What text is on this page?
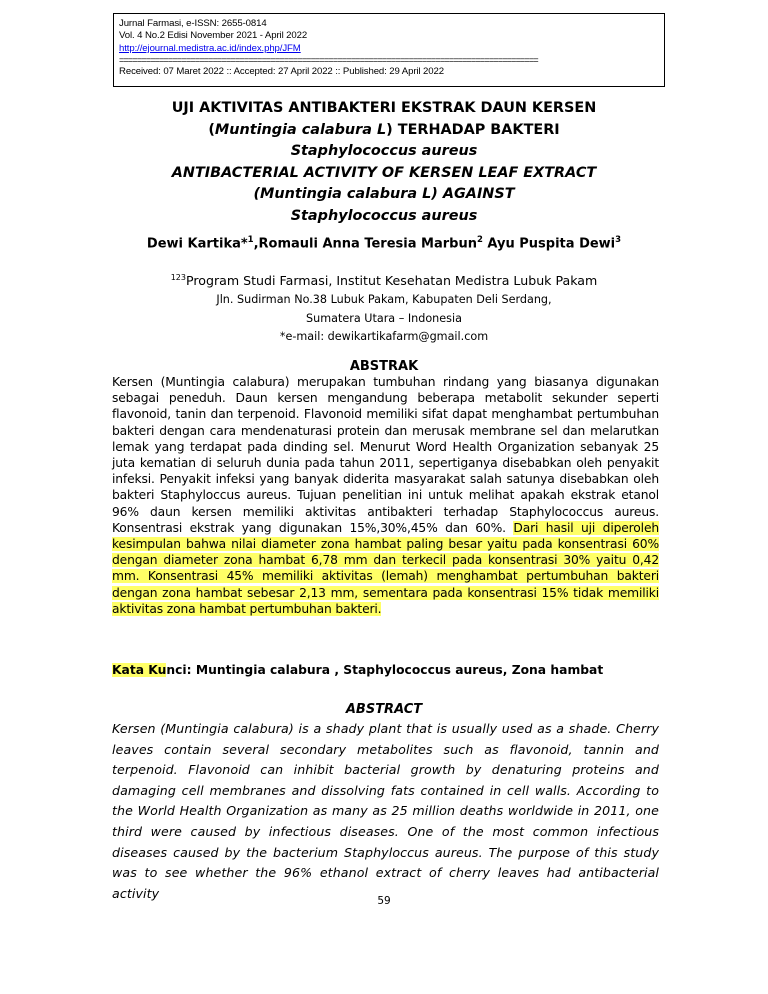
Jurnal Farmasi, e-ISSN: 2655-0814
Vol. 4 No.2 Edisi November 2021 - April 2022
http://ejournal.medistra.ac.id/index.php/JFM
==============================================================================================
Received: 07 Maret 2022 :: Accepted: 27 April 2022 :: Published: 29 April 2022
UJI AKTIVITAS ANTIBAKTERI EKSTRAK DAUN KERSEN
(Muntingia calabura L) TERHADAP BAKTERI
Staphylococcus aureus
ANTIBACTERIAL ACTIVITY OF KERSEN LEAF EXTRACT
(Muntingia calabura L) AGAINST
Staphylococcus aureus
Dewi Kartika*$^1$,Romauli Anna Teresia Marbun$^2$ Ayu Puspita Dewi$^3$
$^{123}$Program Studi Farmasi, Institut Kesehatan Medistra Lubuk Pakam
Jln. Sudirman No.38 Lubuk Pakam, Kabupaten Deli Serdang,
Sumatera Utara – Indonesia
*e-mail: dewikartikafarm@gmail.com
ABSTRAK
Kersen (Muntingia calabura) merupakan tumbuhan rindang yang biasanya digunakan sebagai peneduh. Daun kersen mengandung beberapa metabolit sekunder seperti flavonoid, tanin dan terpenoid. Flavonoid memiliki sifat dapat menghambat pertumbuhan bakteri dengan cara mendenaturasi protein dan merusak membrane sel dan melarutkan lemak yang terdapat pada dinding sel. Menurut Word Health Organization sebanyak 25 juta kematian di seluruh dunia pada tahun 2011, sepertiganya disebabkan oleh penyakit infeksi. Penyakit infeksi yang banyak diderita masyarakat salah satunya disebabkan oleh bakteri Staphyloccus aureus. Tujuan penelitian ini untuk melihat apakah ekstrak etanol 96% daun kersen memiliki aktivitas antibakteri terhadap Staphylococcus aureus. Konsentrasi ekstrak yang digunakan 15%,30%,45% dan 60%. Dari hasil uji diperoleh kesimpulan bahwa nilai diameter zona hambat paling besar yaitu pada konsentrasi 60% dengan diameter zona hambat 6,78 mm dan terkecil pada konsentrasi 30% yaitu 0,42 mm. Konsentrasi 45% memiliki aktivitas (lemah) menghambat pertumbuhan bakteri dengan zona hambat sebesar 2,13 mm, sementara pada konsentrasi 15% tidak memiliki aktivitas zona hambat pertumbuhan bakteri.
Kata Kunci: Muntingia calabura , Staphylococcus aureus, Zona hambat
ABSTRACT
Kersen (Muntingia calabura) is a shady plant that is usually used as a shade. Cherry leaves contain several secondary metabolites such as flavonoid, tannin and terpenoid. Flavonoid can inhibit bacterial growth by denaturing proteins and damaging cell membranes and dissolving fats contained in cell walls. According to the World Health Organization as many as 25 million deaths worldwide in 2011, one third were caused by infectious diseases. One of the most common infectious diseases caused by the bacterium Staphyloccus aureus. The purpose of this study was to see whether the 96% ethanol extract of cherry leaves had antibacterial activity
59
